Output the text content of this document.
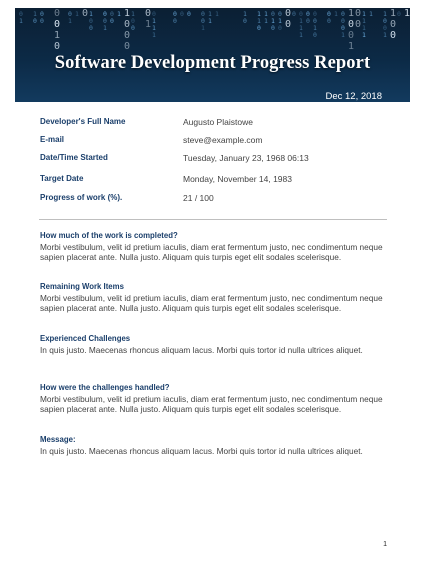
0
1
1
0
0
0
0
0
1
0
0
1
1 0 1
0
0
0
0
1
0
0
1 1
0
0
0
1
0
0
0
1
0
1
1
1
0
0
0 0 0
0
1
1
1
1	1
0
1
1
0
1
1
0
1
0
0
1
0
0
0
0 0
1
1
1
0
0
0
0
1
0
0
0
1 0
0
0
1
1
0
0
1
0
0
1
1
1
1
1 1
0
0
1
1
0
0
0 1
Software Development Progress Report
Dec 12, 2018
Developer's Full Name	Augusto Plaistowe
E-mail	steve@example.com
Date/Time Started	Tuesday, January 23, 1968 06:13
Target Date	Monday, November 14, 1983
Progress of work (%).	21 / 100

How much of the work is completed?

Morbi vestibulum, velit id pretium iaculis, diam erat fermentum justo, nec condimentum neque sapien placerat ante. Nulla justo. Aliquam quis turpis eget elit sodales scelerisque.

Remaining Work Items

Morbi vestibulum, velit id pretium iaculis, diam erat fermentum justo, nec condimentum neque sapien placerat ante. Nulla justo. Aliquam quis turpis eget elit sodales scelerisque.

Experienced Challenges

In quis justo. Maecenas rhoncus aliquam lacus. Morbi quis tortor id nulla ultrices aliquet.

How were the challenges handled?

Morbi vestibulum, velit id pretium iaculis, diam erat fermentum justo, nec condimentum neque sapien placerat ante. Nulla justo. Aliquam quis turpis eget elit sodales scelerisque.

Message:

In quis justo. Maecenas rhoncus aliquam lacus. Morbi quis tortor id nulla ultrices aliquet.

1
